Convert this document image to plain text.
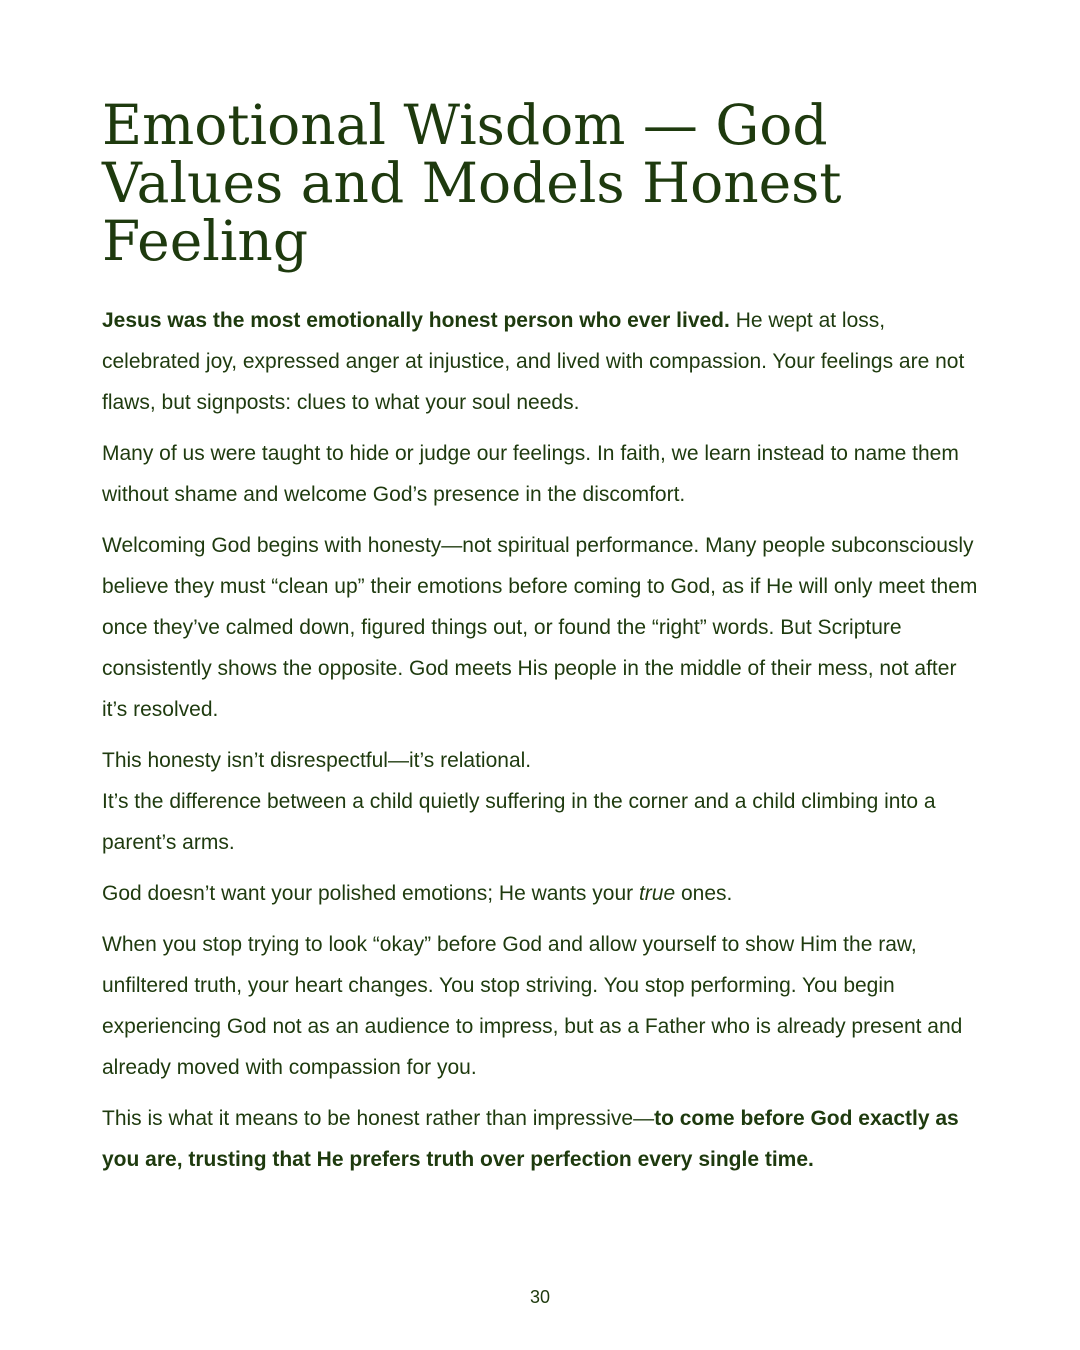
Emotional Wisdom — God Values and Models Honest Feeling

Jesus was the most emotionally honest person who ever lived. He wept at loss, celebrated joy, expressed anger at injustice, and lived with compassion. Your feelings are not flaws, but signposts: clues to what your soul needs.

Many of us were taught to hide or judge our feelings. In faith, we learn instead to name them without shame and welcome God’s presence in the discomfort.

Welcoming God begins with honesty—not spiritual performance. Many people subconsciously believe they must “clean up” their emotions before coming to God, as if He will only meet them once they’ve calmed down, figured things out, or found the “right” words. But Scripture consistently shows the opposite. God meets His people in the middle of their mess, not after it’s resolved.

This honesty isn’t disrespectful—it’s relational.

It’s the difference between a child quietly suffering in the corner and a child climbing into a parent’s arms.

God doesn’t want your polished emotions; He wants your true ones.

When you stop trying to look “okay” before God and allow yourself to show Him the raw, unfiltered truth, your heart changes. You stop striving. You stop performing. You begin experiencing God not as an audience to impress, but as a Father who is already present and already moved with compassion for you.

This is what it means to be honest rather than impressive—to come before God exactly as you are, trusting that He prefers truth over perfection every single time.

30
